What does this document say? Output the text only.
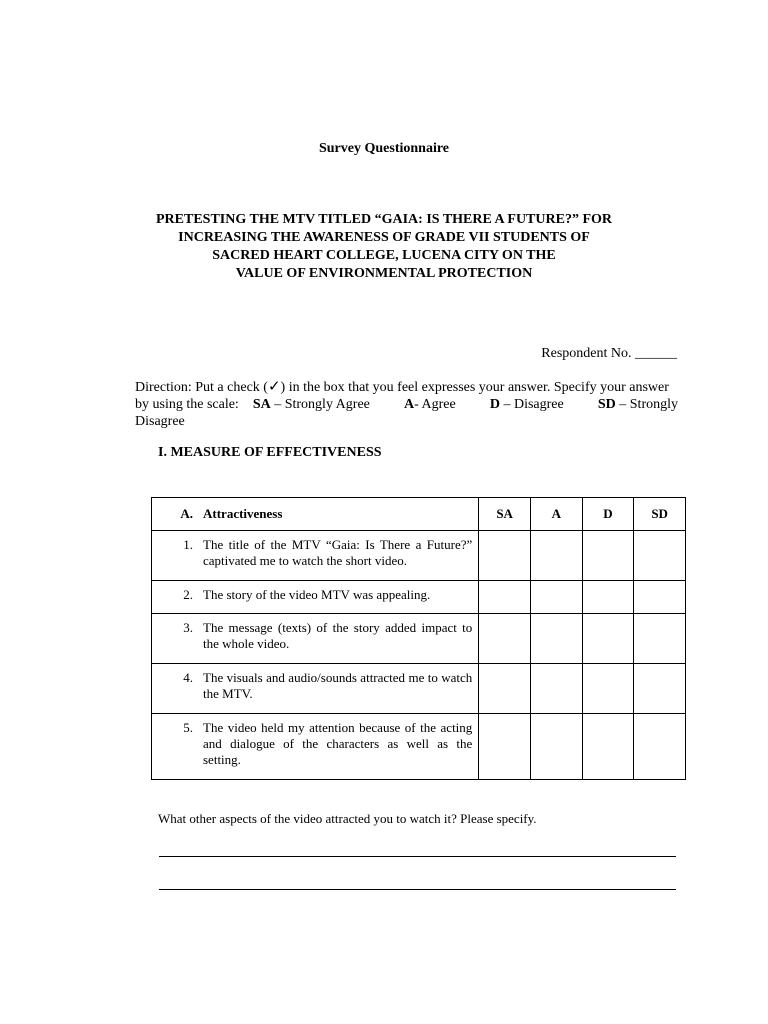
Survey Questionnaire
PRETESTING THE MTV TITLED “GAIA: IS THERE A FUTURE?” FOR
INCREASING THE AWARENESS OF GRADE VII STUDENTS OF
SACRED HEART COLLEGE, LUCENA CITY ON THE
VALUE OF ENVIRONMENTAL PROTECTION
Respondent No. ______
Direction: Put a check (✓) in the box that you feel expresses your answer. Specify your answer
by using the scale: SA – Strongly Agree A- Agree D – Disagree SD – Strongly
Disagree
I. MEASURE OF EFFECTIVENESS
A. Attractiveness	SA	A	D	SD

1. The title of the MTV “Gaia: Is There a Future?” captivated me to watch the short video.				

2. The story of the video MTV was appealing.				

3. The message (texts) of the story added impact to the whole video.				

4. The visuals and audio/sounds attracted me to watch the MTV.				

5. The video held my attention because of the acting and dialogue of the characters as well as the setting.				

What other aspects of the video attracted you to watch it? Please specify.
